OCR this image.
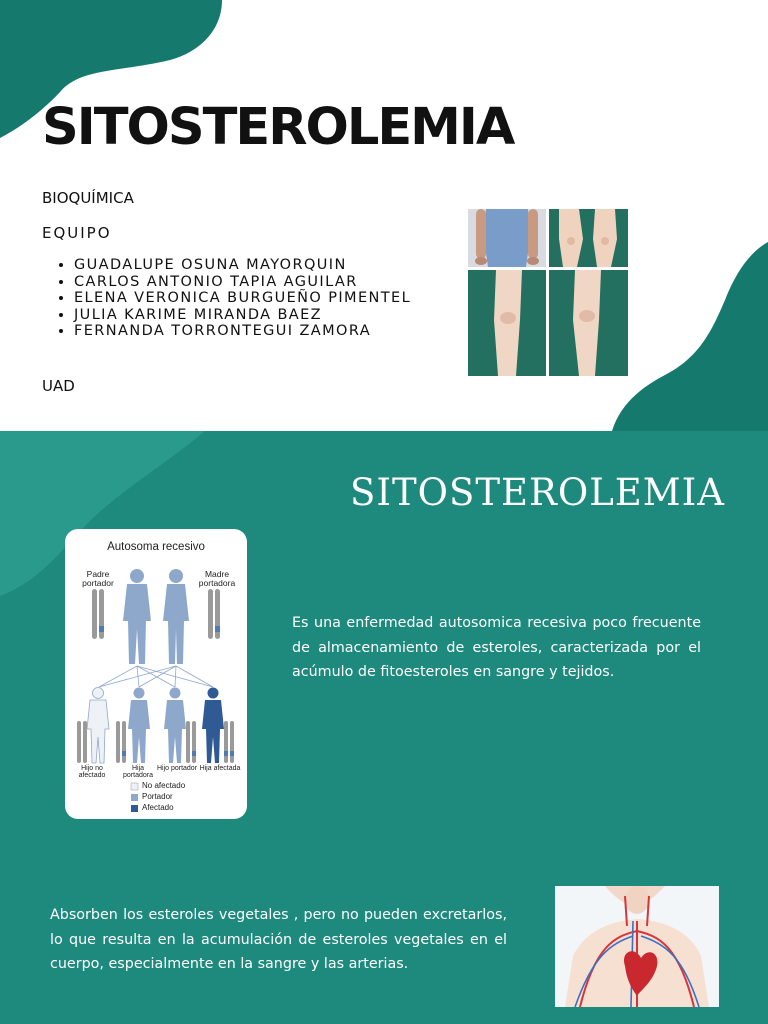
SITOSTEROLEMIA
BIOQUÍMICA
EQUIPO
• GUADALUPE OSUNA MAYORQUIN
• CARLOS ANTONIO TAPIA AGUILAR
• ELENA VERONICA BURGUEÑO PIMENTEL
• JULIA KARIME MIRANDA BAEZ
• FERNANDA TORRONTEGUI ZAMORA
UAD
SITOSTEROLEMIA
Autosoma recesivo
Padre portador
Madre portadora
Hijo no afectado
Hija portadora
Hijo portador Hija afectada
No afectado
Portador
Afectado
Es una enfermedad autosomica recesiva poco frecuente de almacenamiento de esteroles, caracterizada por el acúmulo de fitoesteroles en sangre y tejidos.
Absorben los esteroles vegetales , pero no pueden excretarlos, lo que resulta en la acumulación de esteroles vegetales en el cuerpo, especialmente en la sangre y las arterias.
